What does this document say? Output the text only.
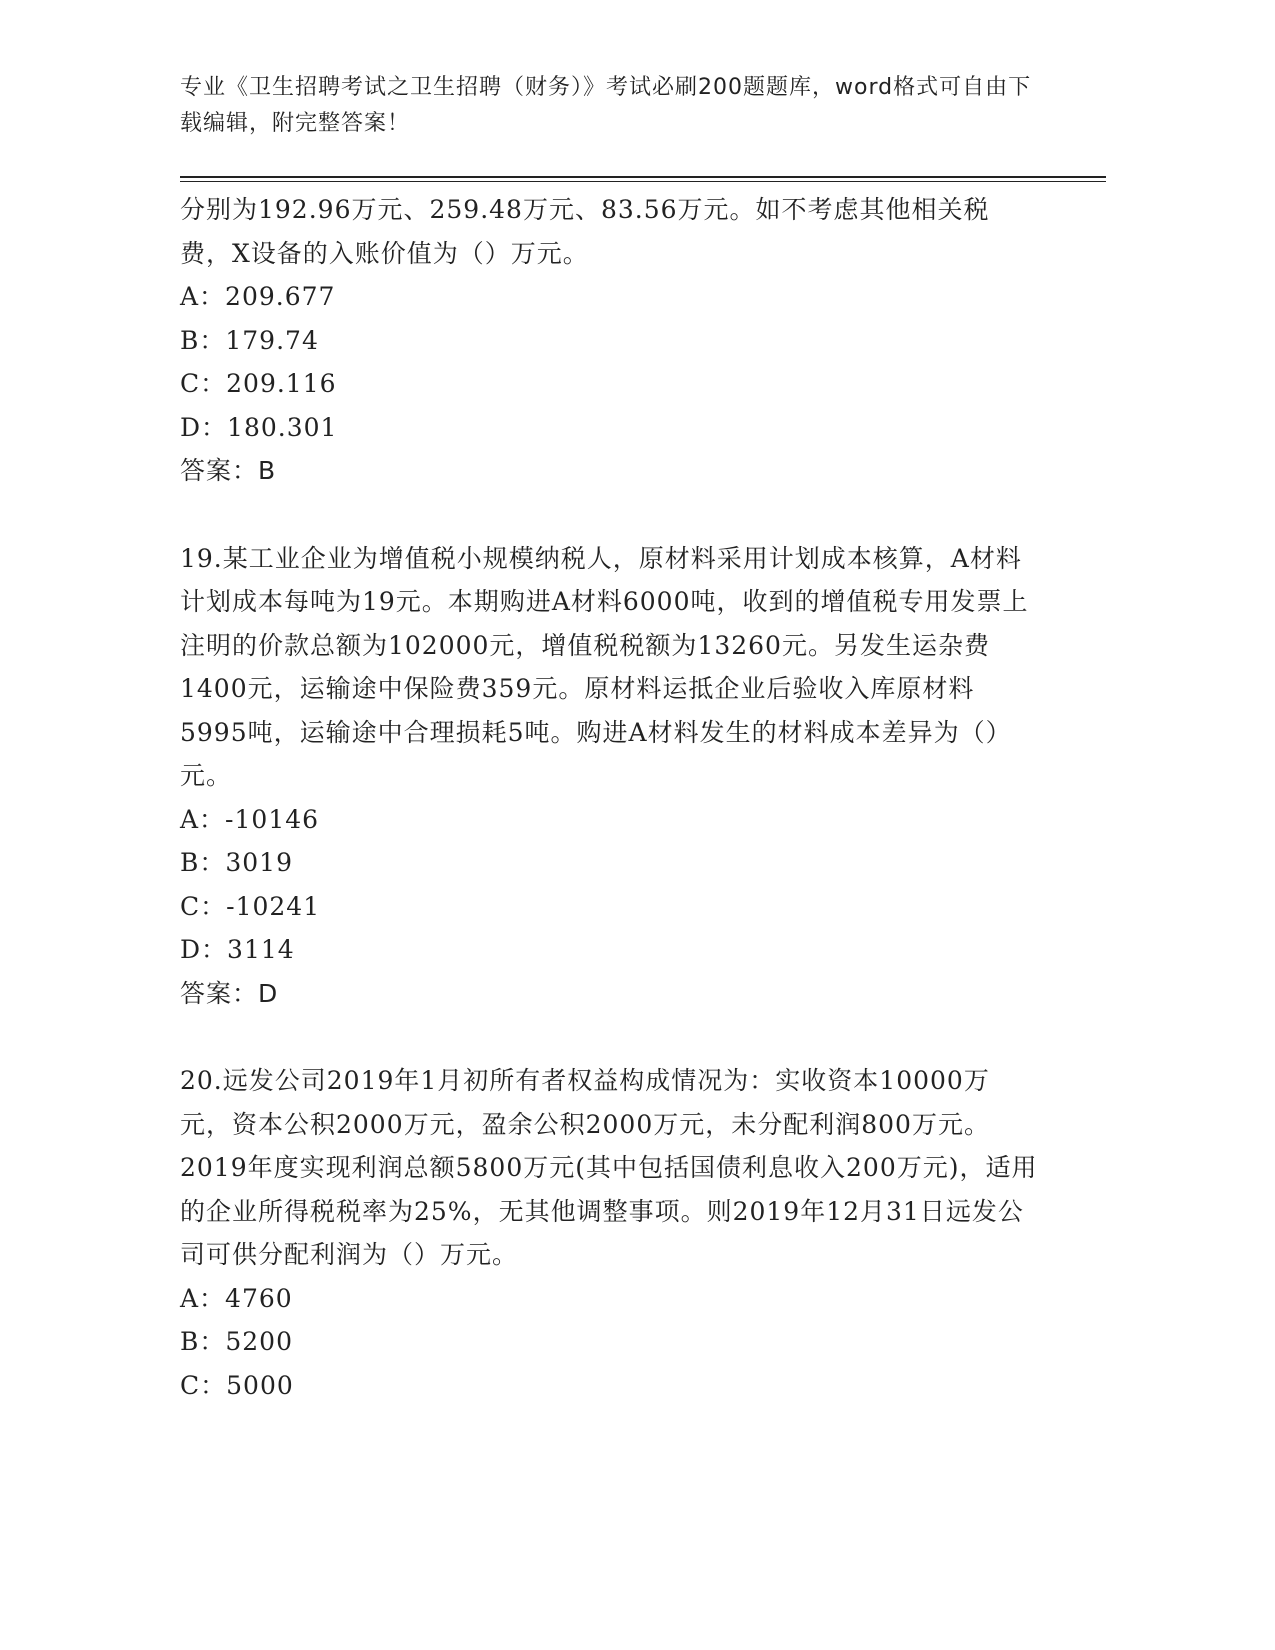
专业《卫生招聘考试之卫生招聘（财务）》考试必刷200题题库，word格式可自由下载编辑，附完整答案！

分别为192.96万元、259.48万元、83.56万元。如不考虑其他相关税费，X设备的入账价值为（）万元。

A：209.677

B：179.74

C：209.116

D：180.301

答案：B

19.某工业企业为增值税小规模纳税人，原材料采用计划成本核算，A材料计划成本每吨为19元。本期购进A材料6000吨，收到的增值税专用发票上注明的价款总额为102000元，增值税税额为13260元。另发生运杂费1400元，运输途中保险费359元。原材料运抵企业后验收入库原材料5995吨，运输途中合理损耗5吨。购进A材料发生的材料成本差异为（）元。

A：-10146

B：3019

C：-10241

D：3114

答案：D

20.远发公司2019年1月初所有者权益构成情况为：实收资本10000万元，资本公积2000万元，盈余公积2000万元，未分配利润800万元。2019年度实现利润总额5800万元(其中包括国债利息收入200万元)，适用的企业所得税税率为25%，无其他调整事项。则2019年12月31日远发公司可供分配利润为（）万元。

A：4760

B：5200

C：5000
